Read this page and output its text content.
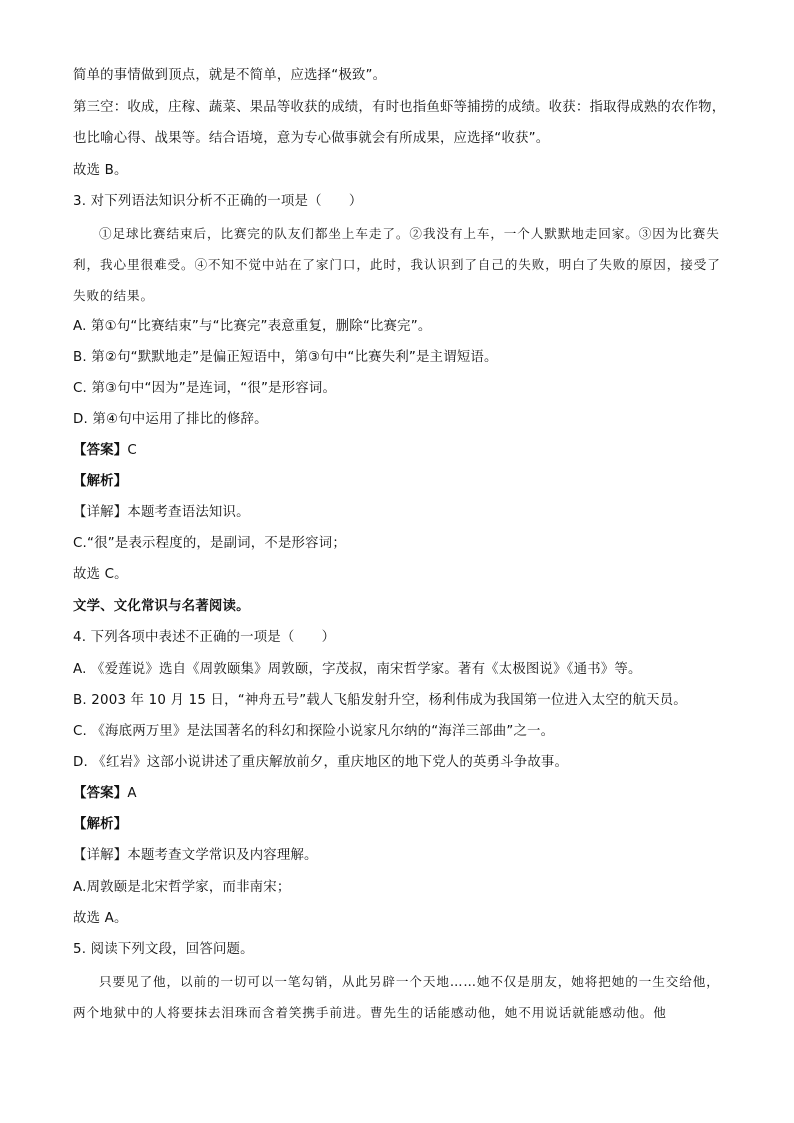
简单的事情做到顶点，就是不简单，应选择“极致”。
第三空：收成，庄稼、蔬菜、果品等收获的成绩，有时也指鱼虾等捕捞的成绩。收获：指取得成熟的农作物，也比喻心得、战果等。结合语境，意为专心做事就会有所成果，应选择“收获”。
故选 B。
3. 对下列语法知识分析不正确的一项是（　　）
①足球比赛结束后，比赛完的队友们都坐上车走了。②我没有上车，一个人默默地走回家。③因为比赛失利，我心里很难受。④不知不觉中站在了家门口，此时，我认识到了自己的失败，明白了失败的原因，接受了失败的结果。
A. 第①句“比赛结束”与“比赛完”表意重复，删除“比赛完”。
B. 第②句“默默地走”是偏正短语中，第③句中“比赛失利”是主谓短语。
C. 第③句中“因为”是连词，“很”是形容词。
D. 第④句中运用了排比的修辞。
【答案】C
【解析】
【详解】本题考查语法知识。
C.“很”是表示程度的，是副词，不是形容词；
故选 C。
文学、文化常识与名著阅读。
4. 下列各项中表述不正确的一项是（　　）
A. 《爱莲说》选自《周敦颐集》周敦颐，字茂叔，南宋哲学家。著有《太极图说》《通书》等。
B. 2003 年 10 月 15 日，“神舟五号”载人飞船发射升空，杨利伟成为我国第一位进入太空的航天员。
C. 《海底两万里》是法国著名的科幻和探险小说家凡尔纳的“海洋三部曲”之一。
D. 《红岩》这部小说讲述了重庆解放前夕，重庆地区的地下党人的英勇斗争故事。
【答案】A
【解析】
【详解】本题考查文学常识及内容理解。
A.周敦颐是北宋哲学家，而非南宋；
故选 A。
5. 阅读下列文段，回答问题。
只要见了他，以前的一切可以一笔勾销，从此另辟一个天地……她不仅是朋友，她将把她的一生交给他，两个地狱中的人将要抹去泪珠而含着笑携手前进。曹先生的话能感动他，她不用说话就能感动他。他
